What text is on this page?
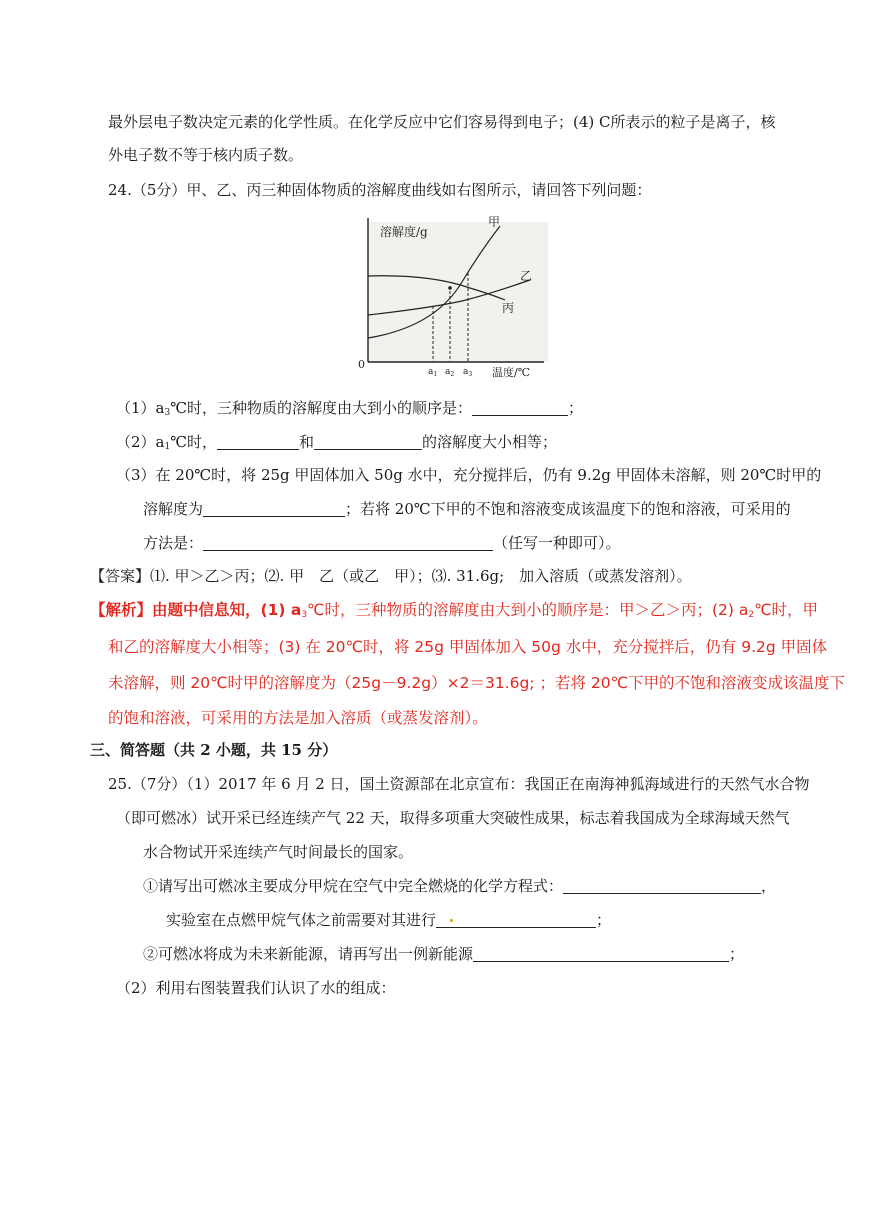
最外层电子数决定元素的化学性质。在化学反应中它们容易得到电子；(4) C所表示的粒子是离子，核
外电子数不等于核内质子数。
24.（5分）甲、乙、丙三种固体物质的溶解度曲线如右图所示，请回答下列问题：
溶解度/g
温度/℃
0
$a_1$ $a_2$ $a_3$
甲
乙
丙
$(1)a_3℃$时，三种物质的溶解度由大到小的顺序是：	；
$(2)a_1℃$时，	和	的溶解度大小相等；
（3）在 20℃时，将 25g 甲固体加入 50g 水中，充分搅拌后，仍有 9.2g 甲固体未溶解，则 20℃时甲的
溶解度为	；若将 20℃下甲的不饱和溶液变成该温度下的饱和溶液，可采用的
方法是：	（任写一种即可）。
【答案】⑴. 甲＞乙＞丙；⑵. 甲　乙（或乙　甲）；⑶. 31.6g;　加入溶质（或蒸发溶剂）。
【解析】由题中信息知，(1) $a_3℃$时，三种物质的溶解度由大到小的顺序是：甲＞乙＞丙；(2) $a_2℃$时，甲
和乙的溶解度大小相等；(3) 在 20℃时，将 25g 甲固体加入 50g 水中，充分搅拌后，仍有 9.2g 甲固体
未溶解，则 20℃时甲的溶解度为（25g－9.2g）×2＝31.6g; ；若将 20℃下甲的不饱和溶液变成该温度下
的饱和溶液，可采用的方法是加入溶质（或蒸发溶剂）。
三、简答题（共 2 小题，共 15 分）
25.（7分）（1）2017 年 6 月 2 日，国土资源部在北京宣布：我国正在南海神狐海域进行的天然气水合物
（即可燃冰）试开采已经连续产气 22 天，取得多项重大突破性成果，标志着我国成为全球海域天然气
水合物试开采连续产气时间最长的国家。
①请写出可燃冰主要成分甲烷在空气中完全燃烧的化学方程式：	，
实验室在点燃甲烷气体之前需要对其进行	；
②可燃冰将成为未来新能源，请再写出一例新能源	；
（2）利用右图装置我们认识了水的组成：
